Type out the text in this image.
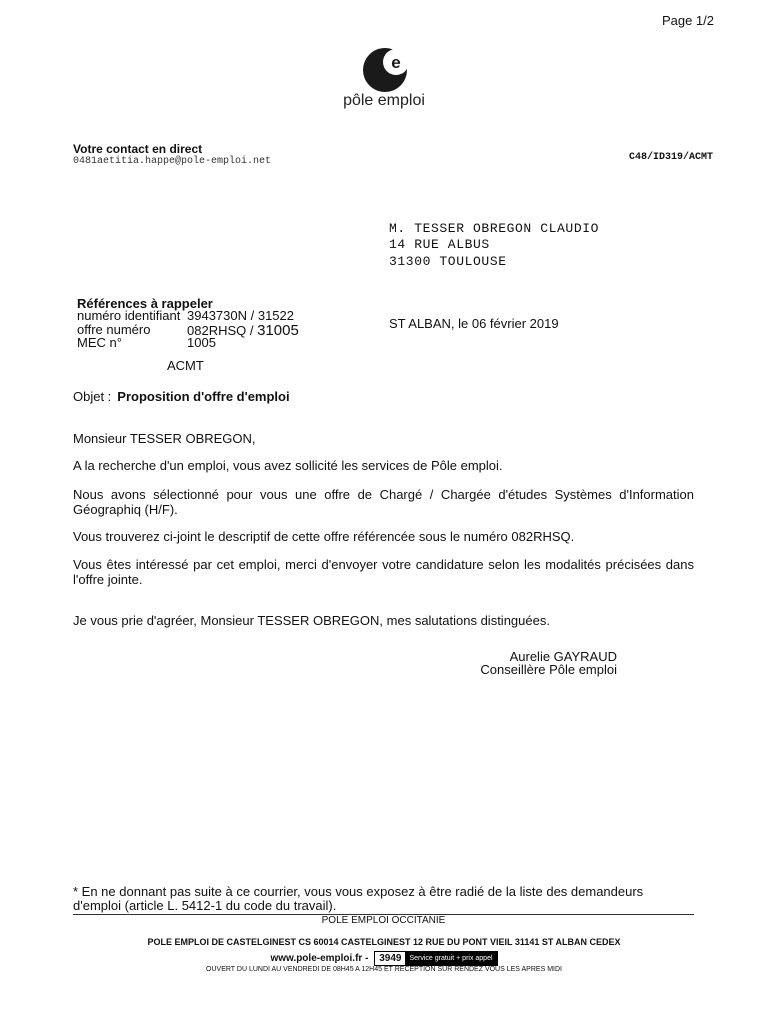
Page 1/2
e
pôle emploi
Votre contact en direct
0481aetitia.happe@pole-emploi.net	C48/ID319/ACMT
M. TESSER OBREGON CLAUDIO
14 RUE ALBUS
31300 TOULOUSE
Références à rappeler
numéro identifiant 3943730N / 31522
offre numéro	082RHSQ / 31005
MEC n°	1005
ACMT
ST ALBAN, le 06 février 2019
Objet : Proposition d'offre d'emploi
Monsieur TESSER OBREGON,
A la recherche d'un emploi, vous avez sollicité les services de Pôle emploi.
Nous avons sélectionné pour vous une offre de Chargé / Chargée d'études Systèmes d'Information Géographiq (H/F).
Vous trouverez ci-joint le descriptif de cette offre référencée sous le numéro 082RHSQ.
Vous êtes intéressé par cet emploi, merci d'envoyer votre candidature selon les modalités précisées dans l'offre jointe.
Je vous prie d'agréer, Monsieur TESSER OBREGON, mes salutations distinguées.
Aurelie GAYRAUD
Conseillère Pôle emploi
* En ne donnant pas suite à ce courrier, vous vous exposez à être radié de la liste des demandeurs d'emploi (article L. 5412-1 du code du travail).
POLE EMPLOI OCCITANIE
POLE EMPLOI DE CASTELGINEST CS 60014 CASTELGINEST 12 RUE DU PONT VIEIL 31141 ST ALBAN CEDEX
www.pole-emploi.fr - 3949 Service gratuit + prix appel
OUVERT DU LUNDI AU VENDREDI DE 08H45 A 12H45 ET RECEPTION SUR RENDEZ VOUS LES APRES MIDI
